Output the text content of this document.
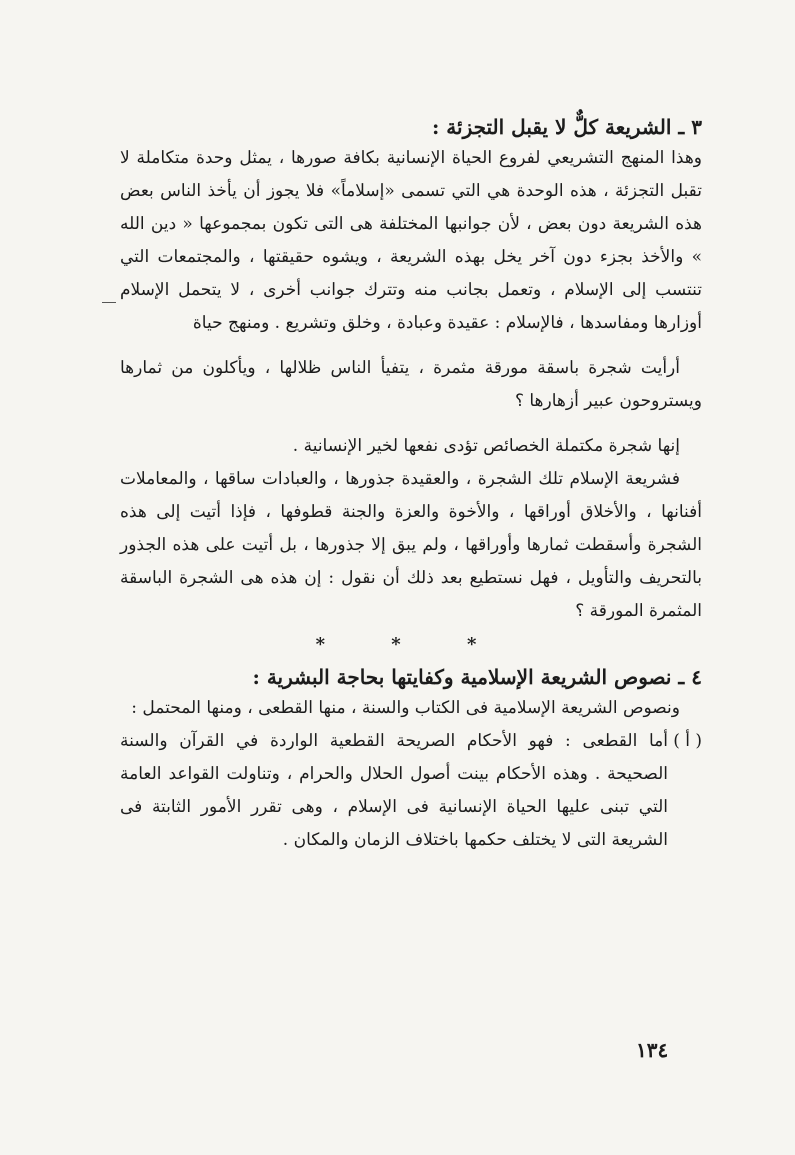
٣ ـ الشريعة كلٌّ لا يقبل التجزئة :

وهذا المنهج التشريعي لفروع الحياة الإنسانية بكافة صورها ، يمثل وحدة متكاملة لا تقبل التجزئة ، هذه الوحدة هي التي تسمى «إسلاماً» فلا يجوز أن يأخذ الناس بعض هذه الشريعة دون بعض ، لأن جوانبها المختلفة هى التى تكون بمجموعها « دين الله » والأخذ بجزء دون آخر يخل بهذه الشريعة ، ويشوه حقيقتها ، والمجتمعات التي تنتسب إلى الإسلام ، وتعمل بجانب منه وتترك جوانب أخرى ، لا يتحمل الإسلام أوزارها ومفاسدها ، فالإسلام : عقيدة وعبادة ، وخلق وتشريع . ومنهج حياة

أرأيت شجرة باسقة مورقة مثمرة ، يتفيأ الناس ظلالها ، ويأكلون من ثمارها ويستروحون عبير أزهارها ؟

إنها شجرة مكتملة الخصائص تؤدى نفعها لخير الإنسانية .

فشريعة الإسلام تلك الشجرة ، والعقيدة جذورها ، والعبادات ساقها ، والمعاملات أفنانها ، والأخلاق أوراقها ، والأخوة والعزة والجنة قطوفها ، فإذا أتيت إلى هذه الشجرة وأسقطت ثمارها وأوراقها ، ولم يبق إلا جذورها ، بل أتيت على هذه الجذور بالتحريف والتأويل ، فهل نستطيع بعد ذلك أن نقول : إن هذه هى الشجرة الباسقة المثمرة المورقة ؟

* * *
٤ ـ نصوص الشريعة الإسلامية وكفايتها بحاجة البشرية :

ونصوص الشريعة الإسلامية فى الكتاب والسنة ، منها القطعى ، ومنها المحتمل :

( أ )
أما القطعى : فهو الأحكام الصريحة القطعية الواردة في القرآن والسنة الصحيحة . وهذه الأحكام بينت أصول الحلال والحرام ، وتناولت القواعد العامة التي تبنى عليها الحياة الإنسانية فى الإسلام ، وهى تقرر الأمور الثابتة فى الشريعة التى لا يختلف حكمها باختلاف الزمان والمكان .
١٣٤
